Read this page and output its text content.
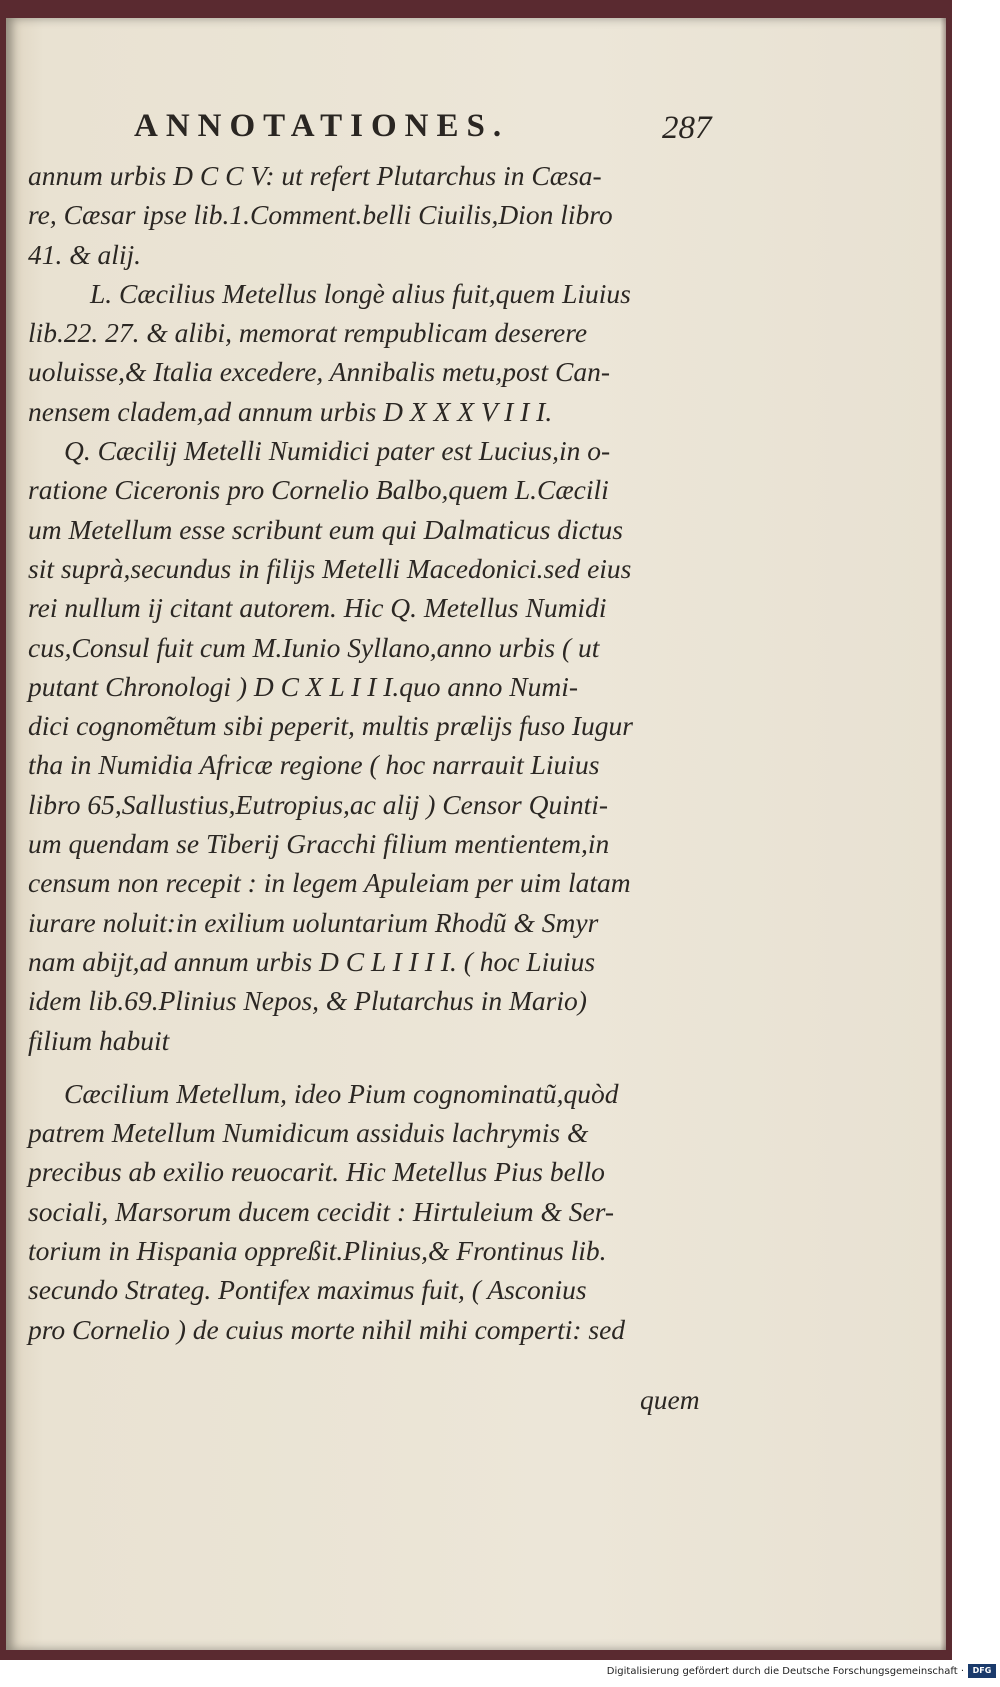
ANNOTATIONES.	287
annum urbis D C C V: ut refert Plutarchus in Cæsa-
re, Cæsar ipse lib.1.Comment.belli Ciuilis,Dion libro
41. & alij.
L. Cæcilius Metellus longè alius fuit,quem Liuius
lib.22. 27. & alibi, memorat rempublicam deserere
uoluisse,& Italia excedere, Annibalis metu,post Can-
nensem cladem,ad annum urbis D X X X V I I I.
Q. Cæcilij Metelli Numidici pater est Lucius,in o-
ratione Ciceronis pro Cornelio Balbo,quem L.Cæcili
um Metellum esse scribunt eum qui Dalmaticus dictus
sit suprà,secundus in filijs Metelli Macedonici.sed eius
rei nullum ij citant autorem. Hic Q. Metellus Numidi
cus,Consul fuit cum M.Iunio Syllano,anno urbis ( ut
putant Chronologi ) D C X L I I I.quo anno Numi-
dici cognomẽtum sibi peperit, multis prælijs fuso Iugur
tha in Numidia Africæ regione ( hoc narrauit Liuius
libro 65,Sallustius,Eutropius,ac alij ) Censor Quinti-
um quendam se Tiberij Gracchi filium mentientem,in
censum non recepit : in legem Apuleiam per uim latam
iurare noluit:in exilium uoluntarium Rhodũ & Smyr
nam abijt,ad annum urbis D C L I I I I. ( hoc Liuius
idem lib.69.Plinius Nepos, & Plutarchus in Mario)
filium habuit
Cæcilium Metellum, ideo Pium cognominatũ,quòd
patrem Metellum Numidicum assiduis lachrymis &
precibus ab exilio reuocarit. Hic Metellus Pius bello
sociali, Marsorum ducem cecidit : Hirtuleium & Ser-
torium in Hispania oppreßit.Plinius,& Frontinus lib.
secundo Strateg. Pontifex maximus fuit, ( Asconius
pro Cornelio ) de cuius morte nihil mihi comperti: sed
quem
Digitalisierung gefördert durch die Deutsche Forschungsgemeinschaft ·	DFG
